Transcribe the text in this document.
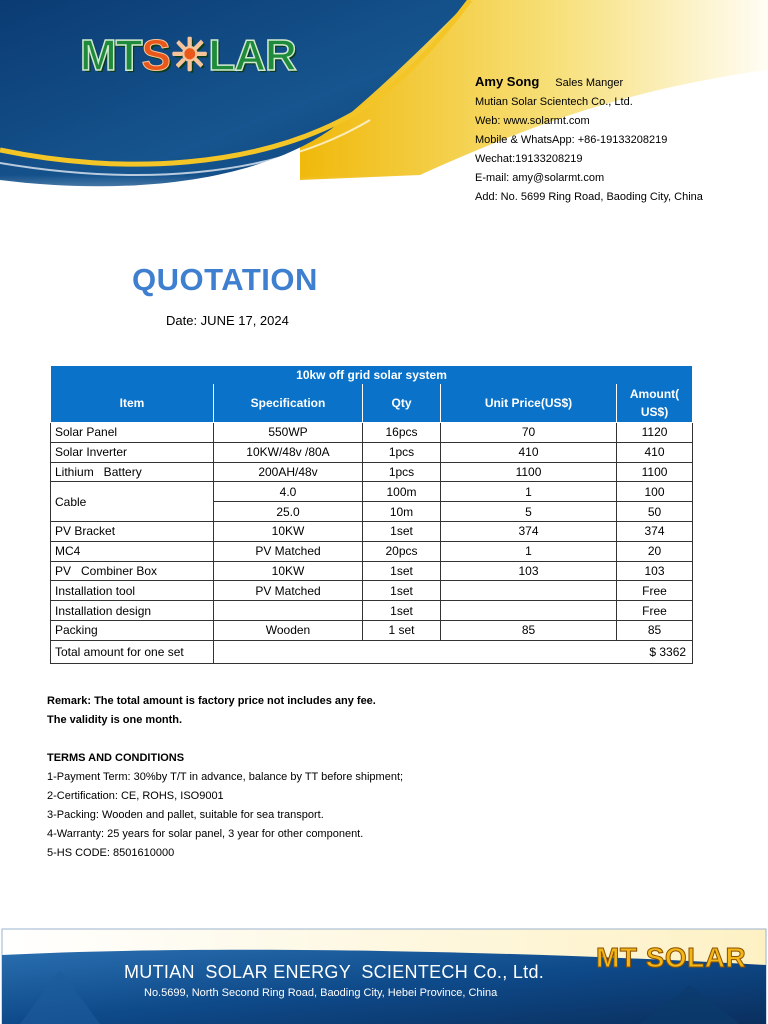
MTS☀LAR
Amy Song Sales Manger
Mutian Solar Scientech Co., Ltd.
Web: www.solarmt.com
Mobile & WhatsApp: +86-19133208219
Wechat:19133208219
E-mail: amy@solarmt.com
Add: No. 5699 Ring Road, Baoding City, China
QUOTATION
Date: JUNE 17, 2024
10kw off grid solar system				
Item	Specification	Qty	Unit Price(US$)	Amount( US$)
Solar Panel	550WP	16pcs	70	1120
Solar Inverter	10KW/48v /80A	1pcs	410	410
Lithium   Battery	200AH/48v	1pcs	1100	1100
Cable	4.0	100m	1	100
	25.0	10m	5	50
PV Bracket	10KW	1set	374	374
MC4	PV Matched	20pcs	1	20
PV   Combiner Box	10KW	1set	103	103
Installation tool	PV Matched	1set		Free
Installation design		1set		Free
Packing	Wooden	1 set	85	85
Total amount for one set	$ 3362			
Remark: The total amount is factory price not includes any fee.
The validity is one month.
TERMS AND CONDITIONS
1-Payment Term: 30%by T/T in advance, balance by TT before shipment;
2-Certification: CE, ROHS, ISO9001
3-Packing: Wooden and pallet, suitable for sea transport.
4-Warranty: 25 years for solar panel, 3 year for other component.
5-HS CODE: 8501610000
MUTIAN  SOLAR ENERGY  SCIENTECH Co., Ltd.
No.5699, North Second Ring Road, Baoding City, Hebei Province, China
MT SOLAR
